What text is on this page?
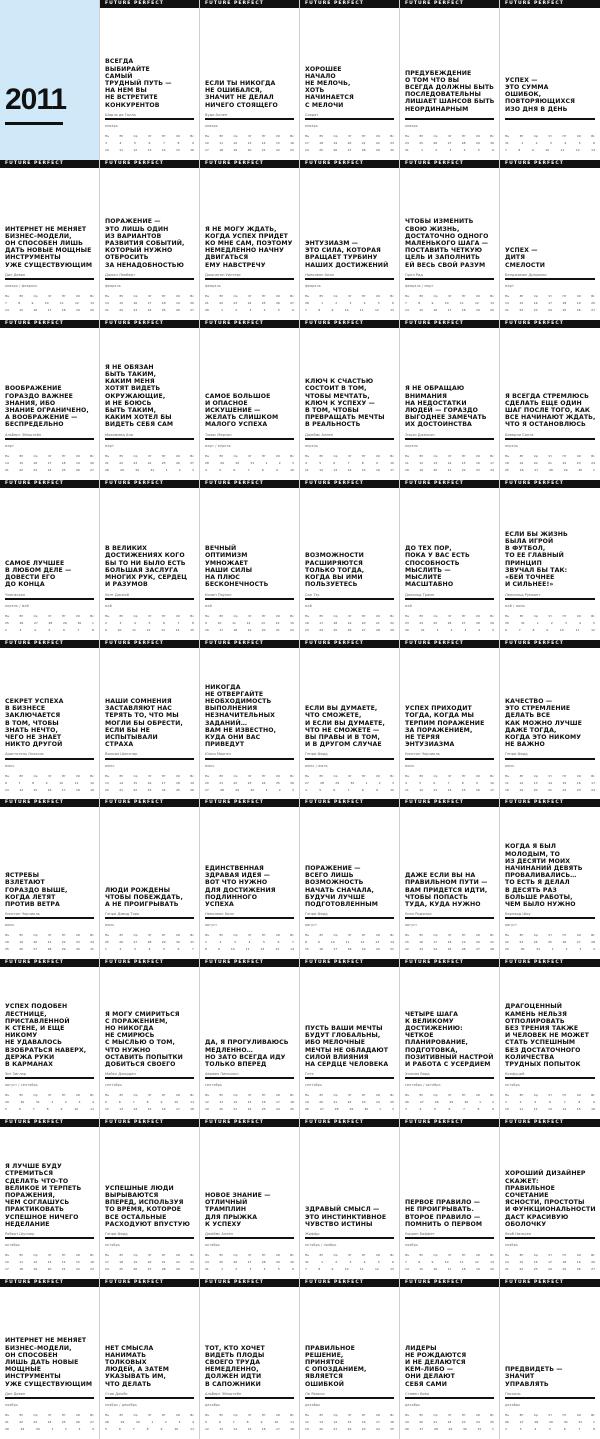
2011
FUTURE PERFECT
ВСЕГДА
ВЫБИРАЙТЕ
САМЫЙ
ТРУДНЫЙ ПУТЬ —
НА НЕМ ВЫ
НЕ ВСТРЕТИТЕ
КОНКУРЕНТОВ
Шарль де Голль
январь
Пн	Вт	Ср	Чт	Пт	Сб	Вс
3	4	5	6	7	8	9
10	11	12	13	14	15	16
FUTURE PERFECT
ЕСЛИ ТЫ НИКОГДА
НЕ ОШИБАЛСЯ,
ЗНАЧИТ НЕ ДЕЛАЛ
НИЧЕГО СТОЯЩЕГО
Вуди Аллен
январь
Пн	Вт	Ср	Чт	Пт	Сб	Вс
10	11	12	13	14	15	16
17	18	19	20	21	22	23
FUTURE PERFECT
ХОРОШЕЕ
НАЧАЛО
НЕ МЕЛОЧЬ,
ХОТЬ
НАЧИНАЕТСЯ
С МЕЛОЧИ
Сократ
январь
Пн	Вт	Ср	Чт	Пт	Сб	Вс
17	18	19	20	21	22	23
24	25	26	27	28	29	30
FUTURE PERFECT
ПРЕДУБЕЖДЕНИЕ
О ТОМ ЧТО ВЫ
ВСЕГДА ДОЛЖНЫ БЫТЬ
ПОСЛЕДОВАТЕЛЬНЫ
ЛИШАЕТ ШАНСОВ БЫТЬ
НЕОРДИНАРНЫМ
январь
Пн	Вт	Ср	Чт	Пт	Сб	Вс
24	25	26	27	28	29	30
31	1	2	3	4	5	6
FUTURE PERFECT
УСПЕХ —
ЭТО СУММА
ОШИБОК,
ПОВТОРЯЮЩИХСЯ
ИЗО ДНЯ В ДЕНЬ
Пн	Вт	Ср	Чт	Пт	Сб	Вс
31	1	2	3	4	5	6
7	8	9	10	11	12	13
FUTURE PERFECT
ИНТЕРНЕТ НЕ МЕНЯЕТ
БИЗНЕС–МОДЕЛИ,
ОН СПОСОБЕН ЛИШЬ
ДАТЬ НОВЫЕ МОЩНЫЕ
ИНСТРУМЕНТЫ
УЖЕ СУЩЕСТВУЮЩИМ
Дил Девон
январь / февраль
Пн	Вт	Ср	Чт	Пт	Сб	Вс
7	8	9	10	11	12	13
14	15	16	17	18	19	20
FUTURE PERFECT
ПОРАЖЕНИЕ —
ЭТО ЛИШЬ ОДИН
ИЗ ВАРИАНТОВ
РАЗВИТИЯ СОБЫТИЙ,
КОТОРЫЙ НУЖНО
ОТБРОСИТЬ
ЗА НЕНАДОБНОСТЬЮ
Джоан Ламберт
февраль
Пн	Вт	Ср	Чт	Пт	Сб	Вс
14	15	16	17	18	19	20
21	22	23	24	25	26	27
FUTURE PERFECT
Я НЕ МОГУ ЖДАТЬ,
КОГДА УСПЕХ ПРИДЕТ
КО МНЕ САМ, ПОЭТОМУ
НЕМЕДЛЕННО НАЧНУ
ДВИГАТЬСЯ
ЕМУ НАВСТРЕЧУ
Джонатан Уинтерс
февраль
Пн	Вт	Ср	Чт	Пт	Сб	Вс
21	22	23	24	25	26	27
28	1	2	3	4	5	6
FUTURE PERFECT
ЭНТУЗИАЗМ —
ЭТО СИЛА, КОТОРАЯ
ВРАЩАЕТ ТУРБИНУ
НАШИХ ДОСТИЖЕНИЙ
Наполеон Хилл
февраль
Пн	Вт	Ср	Чт	Пт	Сб	Вс
28	1	2	3	4	5	6
7	8	9	10	11	12	13
FUTURE PERFECT
ЧТОБЫ ИЗМЕНИТЬ
СВОЮ ЖИЗНЬ,
ДОСТАТОЧНО ОДНОГО
МАЛЕНЬКОГО ШАГА —
ПОСТАВИТЬ ЧЕТКУЮ
ЦЕЛЬ И ЗАПОЛНИТЬ
ЕЙ ВЕСЬ СВОЙ РАЗУМ
Орел Рид
февраль / март
Пн	Вт	Ср	Чт	Пт	Сб	Вс
7	8	9	10	11	12	13
14	15	16	17	18	19	20
FUTURE PERFECT
УСПЕХ —
ДИТЯ
СМЕЛОСТИ
Бенджамин Дизраэли
март
Пн	Вт	Ср	Чт	Пт	Сб	Вс
14	15	16	17	18	19	20
21	22	23	24	25	26	27
FUTURE PERFECT
ВООБРАЖЕНИЕ
ГОРАЗДО ВАЖНЕЕ
ЗНАНИЯ, ИБО
ЗНАНИЕ ОГРАНИЧЕНО,
А ВООБРАЖЕНИЕ —
БЕСПРЕДЕЛЬНО
Альберт Эйнштейн
март
Пн	Вт	Ср	Чт	Пт	Сб	Вс
14	15	16	17	18	19	20
21	22	23	24	25	26	27
FUTURE PERFECT
Я НЕ ОБЯЗАН
БЫТЬ ТАКИМ,
КАКИМ МЕНЯ
ХОТЯТ ВИДЕТЬ
ОКРУЖАЮЩИЕ,
И НЕ БОЮСЬ
БЫТЬ ТАКИМ,
КАКИМ ХОТЕЛ БЫ
ВИДЕТЬ СЕБЯ САМ
Мохаммед Али
март
Пн	Вт	Ср	Чт	Пт	Сб	Вс
21	22	23	24	25	26	27
28	29	30	31	1	2	3
FUTURE PERFECT
САМОЕ БОЛЬШОЕ
И ОПАСНОЕ
ИСКУШЕНИЕ —
ЖЕЛАТЬ СЛИШКОМ
МАЛОГО УСПЕХА
Томас Мертон
март / апрель
Пн	Вт	Ср	Чт	Пт	Сб	Вс
28	29	30	31	1	2	3
4	5	6	7	8	9	10
FUTURE PERFECT
КЛЮЧ К СЧАСТЬЮ
СОСТОИТ В ТОМ,
ЧТОБЫ МЕЧТАТЬ,
КЛЮЧ К УСПЕХУ —
В ТОМ, ЧТОБЫ
ПРЕВРАЩАТЬ МЕЧТЫ
В РЕАЛЬНОСТЬ
Джеймс Аллен
апрель
Пн	Вт	Ср	Чт	Пт	Сб	Вс
4	5	6	7	8	9	10
11	12	13	14	15	16	17
FUTURE PERFECT
Я НЕ ОБРАЩАЮ
ВНИМАНИЯ
НА НЕДОСТАТКИ
ЛЮДЕЙ — ГОРАЗДО
ВЫГОДНЕЕ ЗАМЕЧАТЬ
ИХ ДОСТОИНСТВА
Энцзи Джексон
апрель
Пн	Вт	Ср	Чт	Пт	Сб	Вс
11	12	13	14	15	16	17
18	19	20	21	22	23	24
FUTURE PERFECT
Я ВСЕГДА СТРЕМЛЮСЬ
СДЕЛАТЬ ЕЩЕ ОДИН
ШАГ ПОСЛЕ ТОГО, КАК
ВСЕ НАЧИНАЮТ ЖДАТЬ,
ЧТО Я ОСТАНОВЛЮСЬ
Беверли Силлз
апрель
Пн	Вт	Ср	Чт	Пт	Сб	Вс
18	19	20	21	22	23	24
25	26	27	28	29	30	1
FUTURE PERFECT
САМОЕ ЛУЧШЕЕ
В ЛЮБОМ ДЕЛЕ —
ДОВЕСТИ ЕГО
ДО КОНЦА
Чингисхан
апрель / май
Пн	Вт	Ср	Чт	Пт	Сб	Вс
25	26	27	28	29	30	1
2	3	4	5	6	7	8
FUTURE PERFECT
В ВЕЛИКИХ
ДОСТИЖЕНИЯХ КОГО
БЫ ТО НИ БЫЛО ЕСТЬ
БОЛЬШАЯ ЗАСЛУГА
МНОГИХ РУК, СЕРДЕЦ
И РАЗУМОВ
Уолт Дисней
май
Пн	Вт	Ср	Чт	Пт	Сб	Вс
2	3	4	5	6	7	8
9	10	11	12	13	14	15
FUTURE PERFECT
ВЕЧНЫЙ
ОПТИМИЗМ
УМНОЖАЕТ
НАШИ СИЛЫ
НА ПЛЮС
БЕСКОНЕЧНОСТЬ
Колин Пауэлл
май
Пн	Вт	Ср	Чт	Пт	Сб	Вс
9	10	11	12	13	14	15
16	17	18	19	20	21	22
FUTURE PERFECT
ВОЗМОЖНОСТИ
РАСШИРЯЮТСЯ
ТОЛЬКО ТОГДА,
КОГДА ВЫ ИМИ
ПОЛЬЗУЕТЕСЬ
Сан Тзу
май
Пн	Вт	Ср	Чт	Пт	Сб	Вс
16	17	18	19	20	21	22
23	24	25	26	27	28	29
FUTURE PERFECT
ДО ТЕХ ПОР,
ПОКА У ВАС ЕСТЬ
СПОСОБНОСТЬ
МЫСЛИТЬ —
МЫСЛИТЕ
МАСШТАБНО
Дональд Трамп
май
Пн	Вт	Ср	Чт	Пт	Сб	Вс
23	24	25	26	27	28	29
30	31	1	2	3	4	5
FUTURE PERFECT
ЕСЛИ БЫ ЖИЗНЬ
БЫЛА ИГРОЙ
В ФУТБОЛ,
ТО ЕЕ ГЛАВНЫЙ
ПРИНЦИП
ЗВУЧАЛ БЫ ТАК:
«БЕЙ ТОЧНЕЕ
И СИЛЬНЕЕ!»
Леопольд Румьянт
май / июнь
Пн	Вт	Ср	Чт	Пт	Сб	Вс
30	31	1	2	3	4	5
6	7	8	9	10	11	12
FUTURE PERFECT
СЕКРЕТ УСПЕХА
В БИЗНЕСЕ
ЗАКЛЮЧАЕТСЯ
В ТОМ, ЧТОБЫ
ЗНАТЬ НЕЧТО,
ЧЕГО НЕ ЗНАЕТ
НИКТО ДРУГОЙ
Аристотель Онассис
июнь
Пн	Вт	Ср	Чт	Пт	Сб	Вс
6	7	8	9	10	11	12
13	14	15	16	17	18	19
FUTURE PERFECT
НАШИ СОМНЕНИЯ
ЗАСТАВЛЯЮТ НАС
ТЕРЯТЬ ТО, ЧТО МЫ
МОГЛИ БЫ ОБРЕСТИ,
ЕСЛИ БЫ НЕ
ИСПЫТЫВАЛИ
СТРАХА
Вильям Шекспир
июнь
Пн	Вт	Ср	Чт	Пт	Сб	Вс
13	14	15	16	17	18	19
20	21	22	23	24	25	26
FUTURE PERFECT
НИКОГДА
НЕ ОТВЕРГАЙТЕ
НЕОБХОДИМОСТЬ
ВЫПОЛНЕНИЯ
НЕЗНАЧИТЕЛЬНЫХ
ЗАДАНИЙ…
ВАМ НЕ ИЗВЕСТНО,
КУДА ОНИ ВАС
ПРИВЕДУТ
Юлия Морган
июнь
Пн	Вт	Ср	Чт	Пт	Сб	Вс
20	21	22	23	24	25	26
27	28	29	30	1	2	3
FUTURE PERFECT
ЕСЛИ ВЫ ДУМАЕТЕ,
ЧТО СМОЖЕТЕ,
И ЕСЛИ ВЫ ДУМАЕТЕ,
ЧТО НЕ СМОЖЕТЕ —
ВЫ ПРАВЫ И В ТОМ,
И В ДРУГОМ СЛУЧАЕ
Генри Форд
июнь / июль
Пн	Вт	Ср	Чт	Пт	Сб	Вс
27	28	29	30	1	2	3
4	5	6	7	8	9	10
FUTURE PERFECT
УСПЕХ ПРИХОДИТ
ТОГДА, КОГДА МЫ
ТЕРПИМ ПОРАЖЕНИЕ
ЗА ПОРАЖЕНИЕМ,
НЕ ТЕРЯЯ
ЭНТУЗИАЗМА
Уинстон Черчилль
июль
Пн	Вт	Ср	Чт	Пт	Сб	Вс
4	5	6	7	8	9	10
11	12	13	14	15	16	17
FUTURE PERFECT
КАЧЕСТВО —
ЭТО СТРЕМЛЕНИЕ
ДЕЛАТЬ ВСЕ
КАК МОЖНО ЛУЧШЕ
ДАЖЕ ТОГДА,
КОГДА ЭТО НИКОМУ
НЕ ВАЖНО
Генри Форд
июль
Пн	Вт	Ср	Чт	Пт	Сб	Вс
11	12	13	14	15	16	17
18	19	20	21	22	23	24
FUTURE PERFECT
ЯСТРЕБЫ
ВЗЛЕТАЮТ
ГОРАЗДО ВЫШЕ,
КОГДА ЛЕТЯТ
ПРОТИВ ВЕТРА
Уинстон Черчилль
июль
Пн	Вт	Ср	Чт	Пт	Сб	Вс
18	19	20	21	22	23	24
25	26	27	28	29	30	31
FUTURE PERFECT
ЛЮДИ РОЖДЕНЫ
ЧТОБЫ ПОБЕЖДАТЬ,
А НЕ ПРОИГРЫВАТЬ
Генри Дэвид Торо
июль
Пн	Вт	Ср	Чт	Пт	Сб	Вс
25	26	27	28	29	30	31
1	2	3	4	5	6	7
FUTURE PERFECT
ЕДИНСТВЕННАЯ
ЗДРАВАЯ ИДЕЯ —
ВОТ ЧТО НУЖНО
ДЛЯ ДОСТИЖЕНИЯ
ПОДЛИННОГО
УСПЕХА
Наполеон Хилл
август
Пн	Вт	Ср	Чт	Пт	Сб	Вс
1	2	3	4	5	6	7
8	9	10	11	12	13	14
FUTURE PERFECT
ПОРАЖЕНИЕ —
ВСЕГО ЛИШЬ
ВОЗМОЖНОСТЬ
НАЧАТЬ СНАЧАЛА,
БУДУЧИ ЛУЧШЕ
ПОДГОТОВЛЕННЫМ
Генри Форд
август
Пн	Вт	Ср	Чт	Пт	Сб	Вс
8	9	10	11	12	13	14
15	16	17	18	19	20	21
FUTURE PERFECT
ДАЖЕ ЕСЛИ ВЫ НА
ПРАВИЛЬНОМ ПУТИ —
ВАМ ПРИДЕТСЯ ИДТИ,
ЧТОБЫ ПОПАСТЬ
ТУДА, КУДА НУЖНО
Уилл Роджерс
август
Пн	Вт	Ср	Чт	Пт	Сб	Вс
15	16	17	18	19	20	21
22	23	24	25	26	27	28
FUTURE PERFECT
КОГДА Я БЫЛ
МОЛОДЫМ, ТО
ИЗ ДЕСЯТИ МОИХ
НАЧИНАНИЙ ДЕВЯТЬ
ПРОВАЛИВАЛИСЬ…
ТО ЕСТЬ Я ДЕЛАЛ
В ДЕСЯТЬ РАЗ
БОЛЬШЕ РАБОТЫ,
ЧЕМ БЫЛО НУЖНО
Бернард Шоу
август
Пн	Вт	Ср	Чт	Пт	Сб	Вс
22	23	24	25	26	27	28
29	30	31	1	2	3	4
FUTURE PERFECT
УСПЕХ ПОДОБЕН
ЛЕСТНИЦЕ,
ПРИСТАВЛЕННОЙ
К СТЕНЕ, И ЕЩЕ НИКОМУ
НЕ УДАВАЛОСЬ
ВЗОБРАТЬСЯ НАВЕРХ,
ДЕРЖА РУКИ
В КАРМАНАХ
Зиг Зиглар
август / сентябрь
Пн	Вт	Ср	Чт	Пт	Сб	Вс
29	30	31	1	2	3	4
5	6	7	8	9	10	11
FUTURE PERFECT
Я МОГУ СМИРИТЬСЯ
С ПОРАЖЕНИЕМ,
НО НИКОГДА
НЕ СМИРЮСЬ
С МЫСЛЬЮ О ТОМ,
ЧТО НУЖНО
ОСТАВИТЬ ПОПЫТКИ
ДОБИТЬСЯ СВОЕГО
Майкл Джордан
сентябрь
Пн	Вт	Ср	Чт	Пт	Сб	Вс
5	6	7	8	9	10	11
12	13	14	15	16	17	18
FUTURE PERFECT
ДА, Я ПРОГУЛИВАЮСЬ
МЕДЛЕННО…
НО ЗАТО ВСЕГДА ИДУ
ТОЛЬКО ВПЕРЕД
Авраам Линкольн
сентябрь
Пн	Вт	Ср	Чт	Пт	Сб	Вс
12	13	14	15	16	17	18
19	20	21	22	23	24	25
FUTURE PERFECT
ПУСТЬ ВАШИ МЕЧТЫ
БУДУТ ГЛОБАЛЬНЫ,
ИБО МЕЛОЧНЫЕ
МЕЧТЫ НЕ ОБЛАДАЮТ
СИЛОЙ ВЛИЯНИЯ
НА СЕРДЦЕ ЧЕЛОВЕКА
Гете
сентябрь
Пн	Вт	Ср	Чт	Пт	Сб	Вс
19	20	21	22	23	24	25
26	27	28	29	30	1	2
FUTURE PERFECT
ЧЕТЫРЕ ШАГА
К ВЕЛИКОМУ
ДОСТИЖЕНИЮ:
ЧЕТКОЕ ПЛАНИРОВАНИЕ,
ПОДГОТОВКА,
ПОЗИТИВНЫЙ НАСТРОЙ
И РАБОТА С УСЕРДИЕМ
Хильям Вард
сентябрь / октябрь
Пн	Вт	Ср	Чт	Пт	Сб	Вс
26	27	28	29	30	1	2
3	4	5	6	7	8	9
FUTURE PERFECT
ДРАГОЦЕННЫЙ
КАМЕНЬ НЕЛЬЗЯ
ОТПОЛИРОВАТЬ
БЕЗ ТРЕНИЯ ТАКЖЕ
И ЧЕЛОВЕК НЕ МОЖЕТ
СТАТЬ УСПЕШНЫМ
БЕЗ ДОСТАТОЧНОГО
КОЛИЧЕСТВА
ТРУДНЫХ ПОПЫТОК
Конфуций
октябрь
Пн	Вт	Ср	Чт	Пт	Сб	Вс
3	4	5	6	7	8	9
10	11	12	13	14	15	16
FUTURE PERFECT
Я ЛУЧШЕ БУДУ
СТРЕМИТЬСЯ
СДЕЛАТЬ ЧТО-ТО
ВЕЛИКОЕ И ТЕРПЕТЬ
ПОРАЖЕНИЯ,
ЧЕМ СОГЛАШУСЬ
ПРАКТИКОВАТЬ
УСПЕШНОЕ НИЧЕГО
НЕДЕЛАНИЕ
Роберт Шуллер
октябрь
Пн	Вт	Ср	Чт	Пт	Сб	Вс
10	11	12	13	14	15	16
17	18	19	20	21	22	23
FUTURE PERFECT
УСПЕШНЫЕ ЛЮДИ
ВЫРЫВАЮТСЯ
ВПЕРЕД, ИСПОЛЬЗУЯ
ТО ВРЕМЯ, КОТОРОЕ
ВСЕ ОСТАЛЬНЫЕ
РАСХОДУЮТ ВПУСТУЮ
Генри Форд
октябрь
Пн	Вт	Ср	Чт	Пт	Сб	Вс
17	18	19	20	21	22	23
24	25	26	27	28	29	30
FUTURE PERFECT
НОВОЕ ЗНАНИЕ —
ОТЛИЧНЫЙ
ТРАМПЛИН
ДЛЯ ПРЫЖКА
К УСПЕХУ
Джеймс Аллен
октябрь
Пн	Вт	Ср	Чт	Пт	Сб	Вс
24	25	26	27	28	29	30
31	1	2	3	4	5	6
FUTURE PERFECT
ЗДРАВЫЙ СМЫСЛ —
ЭТО ИНСТИНКТИВНОЕ
ЧУВСТВО ИСТИНЫ
Жоффр
октябрь / ноябрь
Пн	Вт	Ср	Чт	Пт	Сб	Вс
31	1	2	3	4	5	6
7	8	9	10	11	12	13
FUTURE PERFECT
ПЕРВОЕ ПРАВИЛО —
НЕ ПРОИГРЫВАТЬ.
ВТОРОЕ ПРАВИЛО —
ПОМНИТЬ О ПЕРВОМ
Уоррен Баффет
ноябрь
Пн	Вт	Ср	Чт	Пт	Сб	Вс
7	8	9	10	11	12	13
14	15	16	17	18	19	20
FUTURE PERFECT
ХОРОШИЙ ДИЗАЙНЕР
СКАЖЕТ:
ПРАВИЛЬНОЕ
СОЧЕТАНИЕ
ЯСНОСТИ, ПРОСТОТЫ
И ФУНКЦИОНАЛЬНОСТИ
ДАСТ КРАСИВУЮ
ОБОЛОЧКУ
Якоб Нильсен
ноябрь
Пн	Вт	Ср	Чт	Пт	Сб	Вс
14	15	16	17	18	19	20
21	22	23	24	25	26	27
FUTURE PERFECT
ИНТЕРНЕТ НЕ МЕНЯЕТ
БИЗНЕС–МОДЕЛИ,
ОН СПОСОБЕН
ЛИШЬ ДАТЬ НОВЫЕ
МОЩНЫЕ ИНСТРУМЕНТЫ
УЖЕ СУЩЕСТВУЮЩИМ
Дил Девон
ноябрь
Пн	Вт	Ср	Чт	Пт	Сб	Вс
21	22	23	24	25	26	27
28	29	30	1	2	3	4
FUTURE PERFECT
НЕТ СМЫСЛА
НАНИМАТЬ
ТОЛКОВЫХ
ЛЮДЕЙ, А ЗАТЕМ
УКАЗЫВАТЬ ИМ,
ЧТО ДЕЛАТЬ
Стив Джобс
ноябрь / декабрь
Пн	Вт	Ср	Чт	Пт	Сб	Вс
28	29	30	1	2	3	4
5	6	7	8	9	10	11
FUTURE PERFECT
ТОТ, КТО ХОЧЕТ
ВИДЕТЬ ПЛОДЫ
СВОЕГО ТРУДА
НЕМЕДЛЕННО,
ДОЛЖЕН ИДТИ
В САПОЖНИКИ
Альберт Эйнштейн
декабрь
Пн	Вт	Ср	Чт	Пт	Сб	Вс
5	6	7	8	9	10	11
12	13	14	15	16	17	18
FUTURE PERFECT
ПРАВИЛЬНОЕ
РЕШЕНИЕ,
ПРИНЯТОЕ
С ОПОЗДАНИЕМ,
ЯВЛЯЕТСЯ
ОШИБКОЙ
Ли Якокка
декабрь
Пн	Вт	Ср	Чт	Пт	Сб	Вс
12	13	14	15	16	17	18
19	20	21	22	23	24	25
FUTURE PERFECT
ЛИДЕРЫ
НЕ РОЖДАЮТСЯ
И НЕ ДЕЛАЮТСЯ
КЕМ–ЛИБО —
ОНИ ДЕЛАЮТ
СЕБЯ САМИ
Стивен Кови
декабрь
Пн	Вт	Ср	Чт	Пт	Сб	Вс
19	20	21	22	23	24	25
26	27	28	29	30	31	1
FUTURE PERFECT
ПРЕДВИДЕТЬ —
ЗНАЧИТ
УПРАВЛЯТЬ
Паскаль
декабрь
Пн	Вт	Ср	Чт	Пт	Сб	Вс
26	27	28	29	30	31	1
2	3	4	5	6	7	8
